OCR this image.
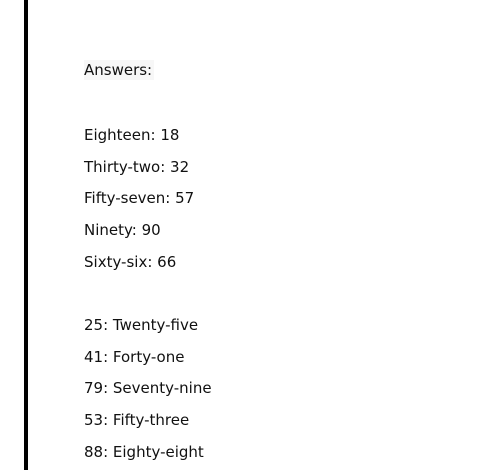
Answers:
Eighteen: 18
Thirty-two: 32
Fifty-seven: 57
Ninety: 90
Sixty-six: 66
25: Twenty-five
41: Forty-one
79: Seventy-nine
53: Fifty-three
88: Eighty-eight
